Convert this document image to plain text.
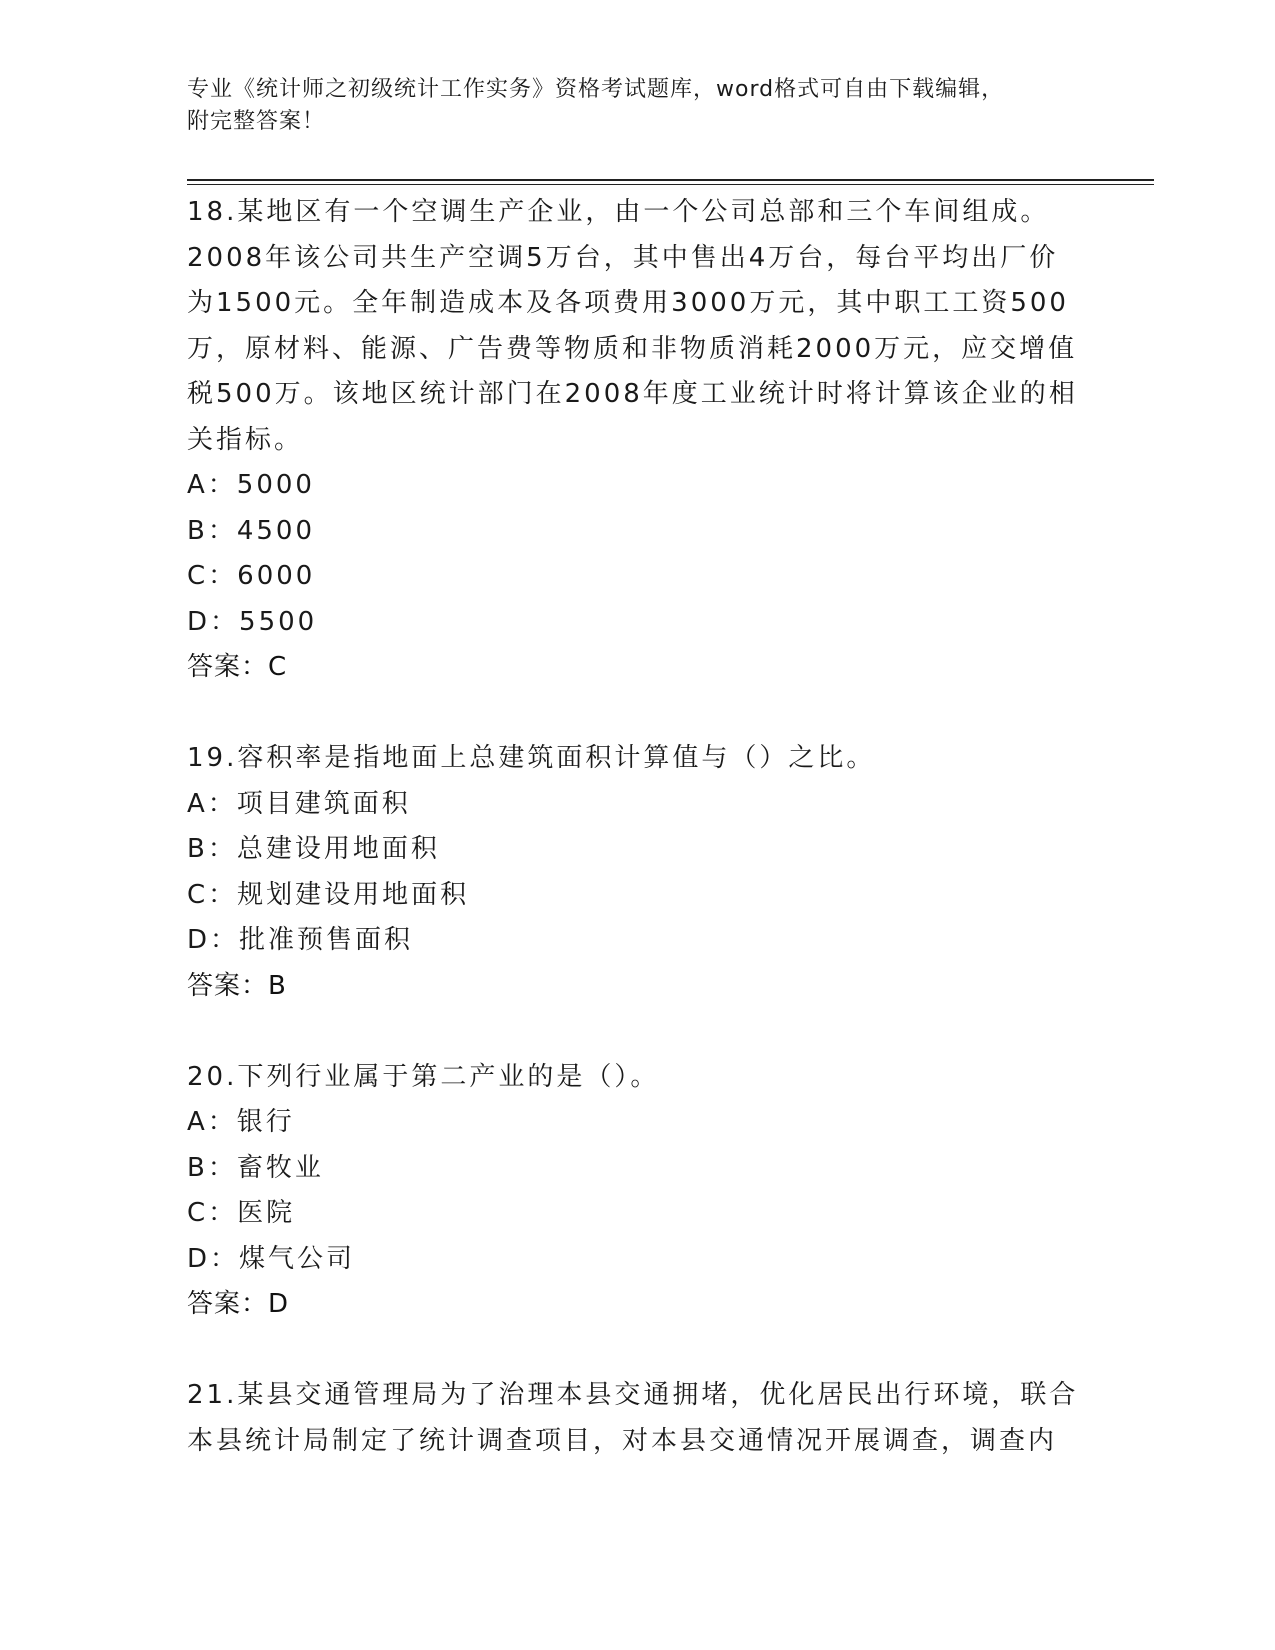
专业《统计师之初级统计工作实务》资格考试题库，word格式可自由下载编辑，
附完整答案！
18.某地区有一个空调生产企业，由一个公司总部和三个车间组成。
2008年该公司共生产空调5万台，其中售出4万台，每台平均出厂价
为1500元。全年制造成本及各项费用3000万元，其中职工工资500
万，原材料、能源、广告费等物质和非物质消耗2000万元，应交增值
税500万。该地区统计部门在2008年度工业统计时将计算该企业的相
关指标。
A：5000
B：4500
C：6000
D：5500
答案：C
19.容积率是指地面上总建筑面积计算值与（）之比。
A：项目建筑面积
B：总建设用地面积
C：规划建设用地面积
D：批准预售面积
答案：B
20.下列行业属于第二产业的是（）。
A：银行
B：畜牧业
C：医院
D：煤气公司
答案：D
21.某县交通管理局为了治理本县交通拥堵，优化居民出行环境，联合
本县统计局制定了统计调查项目，对本县交通情况开展调查，调查内
